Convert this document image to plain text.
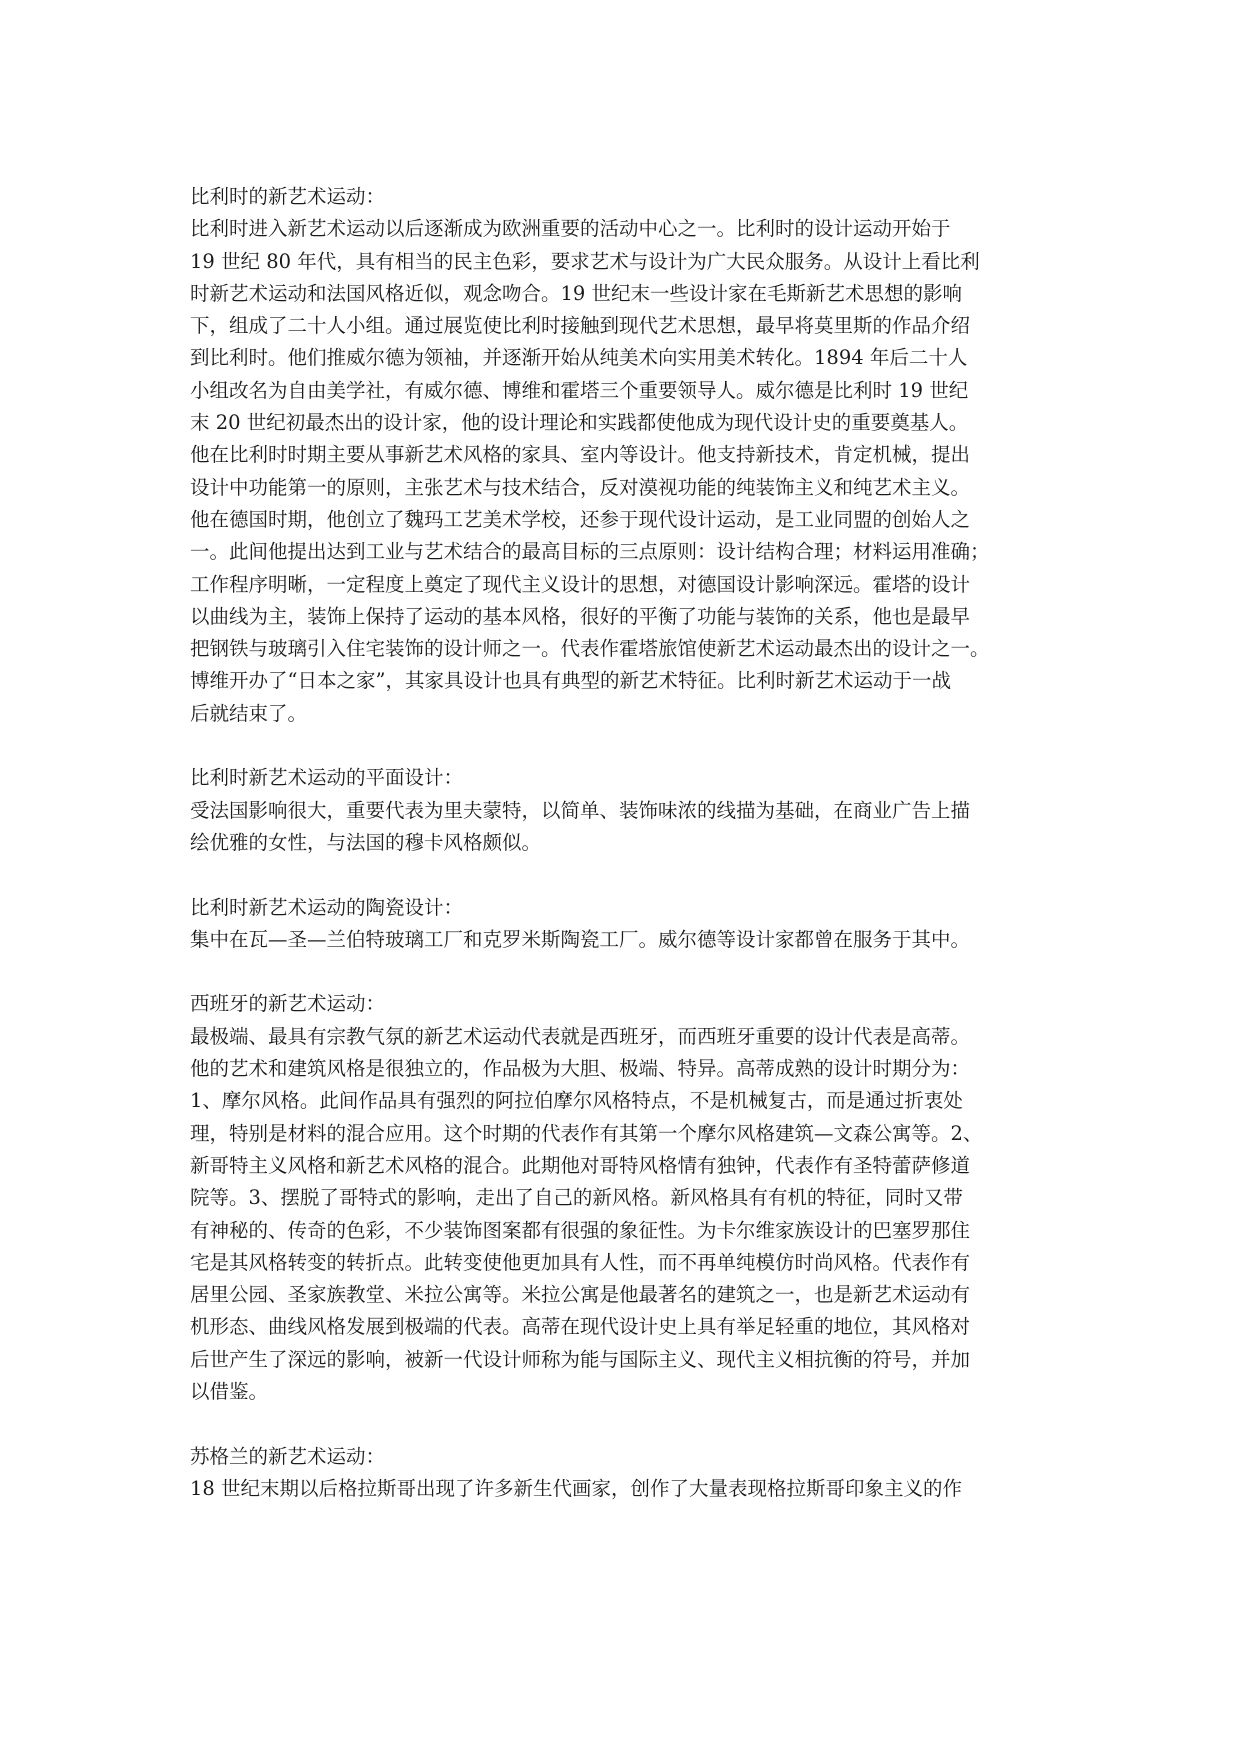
比利时的新艺术运动：
比利时进入新艺术运动以后逐渐成为欧洲重要的活动中心之一。比利时的设计运动开始于
19 世纪 80 年代，具有相当的民主色彩，要求艺术与设计为广大民众服务。从设计上看比利
时新艺术运动和法国风格近似，观念吻合。19 世纪末一些设计家在毛斯新艺术思想的影响
下，组成了二十人小组。通过展览使比利时接触到现代艺术思想，最早将莫里斯的作品介绍
到比利时。他们推威尔德为领袖，并逐渐开始从纯美术向实用美术转化。1894 年后二十人
小组改名为自由美学社，有威尔德、博维和霍塔三个重要领导人。威尔德是比利时 19 世纪
末 20 世纪初最杰出的设计家，他的设计理论和实践都使他成为现代设计史的重要奠基人。
他在比利时时期主要从事新艺术风格的家具、室内等设计。他支持新技术，肯定机械，提出
设计中功能第一的原则，主张艺术与技术结合，反对漠视功能的纯装饰主义和纯艺术主义。
他在德国时期，他创立了魏玛工艺美术学校，还参于现代设计运动，是工业同盟的创始人之
一。此间他提出达到工业与艺术结合的最高目标的三点原则：设计结构合理；材料运用准确；
工作程序明晰，一定程度上奠定了现代主义设计的思想，对德国设计影响深远。霍塔的设计
以曲线为主，装饰上保持了运动的基本风格，很好的平衡了功能与装饰的关系，他也是最早
把钢铁与玻璃引入住宅装饰的设计师之一。代表作霍塔旅馆使新艺术运动最杰出的设计之一。
博维开办了“日本之家”，其家具设计也具有典型的新艺术特征。比利时新艺术运动于一战
后就结束了。
比利时新艺术运动的平面设计：
受法国影响很大，重要代表为里夫蒙特，以简单、装饰味浓的线描为基础，在商业广告上描
绘优雅的女性，与法国的穆卡风格颇似。
比利时新艺术运动的陶瓷设计：
集中在瓦—圣—兰伯特玻璃工厂和克罗米斯陶瓷工厂。威尔德等设计家都曾在服务于其中。
西班牙的新艺术运动：
最极端、最具有宗教气氛的新艺术运动代表就是西班牙，而西班牙重要的设计代表是高蒂。
他的艺术和建筑风格是很独立的，作品极为大胆、极端、特异。高蒂成熟的设计时期分为：
1、摩尔风格。此间作品具有强烈的阿拉伯摩尔风格特点，不是机械复古，而是通过折衷处
理，特别是材料的混合应用。这个时期的代表作有其第一个摩尔风格建筑—文森公寓等。2、
新哥特主义风格和新艺术风格的混合。此期他对哥特风格情有独钟，代表作有圣特蕾萨修道
院等。3、摆脱了哥特式的影响，走出了自己的新风格。新风格具有有机的特征，同时又带
有神秘的、传奇的色彩，不少装饰图案都有很强的象征性。为卡尔维家族设计的巴塞罗那住
宅是其风格转变的转折点。此转变使他更加具有人性，而不再单纯模仿时尚风格。代表作有
居里公园、圣家族教堂、米拉公寓等。米拉公寓是他最著名的建筑之一，也是新艺术运动有
机形态、曲线风格发展到极端的代表。高蒂在现代设计史上具有举足轻重的地位，其风格对
后世产生了深远的影响，被新一代设计师称为能与国际主义、现代主义相抗衡的符号，并加
以借鉴。
苏格兰的新艺术运动：
18 世纪末期以后格拉斯哥出现了许多新生代画家，创作了大量表现格拉斯哥印象主义的作
